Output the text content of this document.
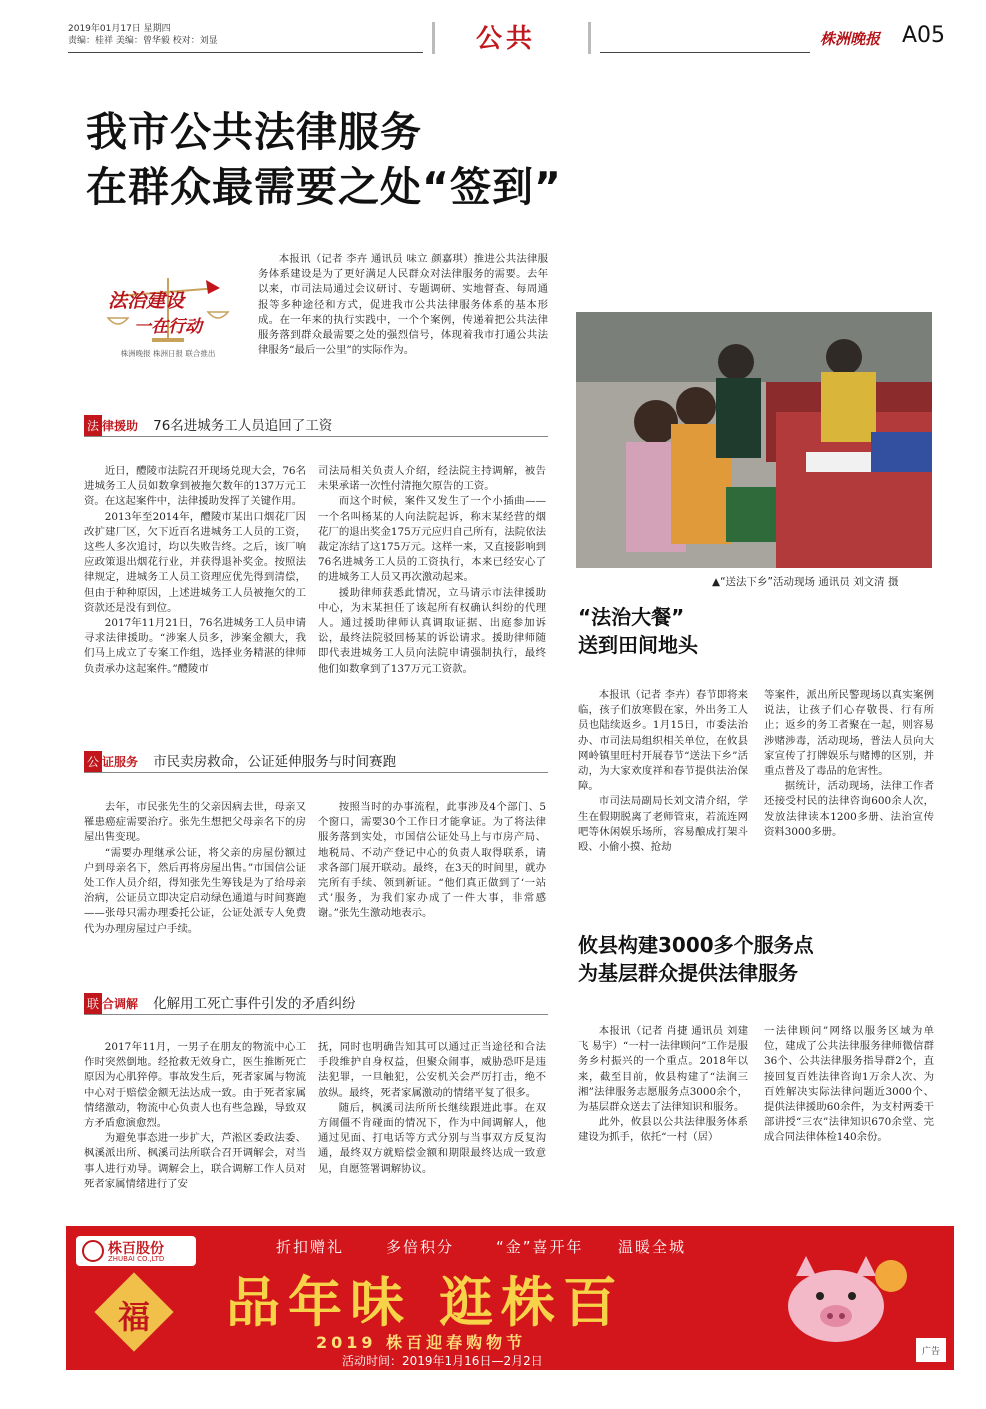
2019年01月17日 星期四
责编：桂祥 美编：曾华毅 校对：刘显	公共	株洲晚报 A05
我市公共法律服务
在群众最需要之处“签到”
法治建设
一在行动
株洲晚报 株洲日报 联合推出
本报讯（记者 李卉 通讯员 味立 颜嘉琪）推进公共法律服务体系建设是为了更好满足人民群众对法律服务的需要。去年以来，市司法局通过会议研讨、专题调研、实地督查、每周通报等多种途径和方式，促进我市公共法律服务体系的基本形成。在一年来的执行实践中，一个个案例，传递着把公共法律服务落到群众最需要之处的强烈信号，体现着我市打通公共法律服务“最后一公里”的实际作为。
法 律援助 76名进城务工人员追回了工资

近日，醴陵市法院召开现场兑现大会，76名进城务工人员如数拿到被拖欠数年的137万元工资。在这起案件中，法律援助发挥了关键作用。

2013年至2014年，醴陵市某出口烟花厂因改扩建厂区，欠下近百名进城务工人员的工资，这些人多次追讨，均以失败告终。之后，该厂响应政策退出烟花行业，并获得退补奖金。按照法律规定，进城务工人员工资理应优先得到清偿，但由于种种原因，上述进城务工人员被拖欠的工资款还是没有到位。

2017年11月21日，76名进城务工人员申请寻求法律援助。“涉案人员多，涉案金额大，我们马上成立了专案工作组，选择业务精湛的律师负责承办这起案件。”醴陵市

司法局相关负责人介绍，经法院主持调解，被告未果承诺一次性付清拖欠原告的工资。

而这个时候，案件又发生了一个小插曲——一个名叫杨某的人向法院起诉，称末某经营的烟花厂的退出奖金175万元应归自己所有，法院依法裁定冻结了这175万元。这样一来，又直接影响到76名进城务工人员的工资执行，本来已经安心了的进城务工人员又再次激动起来。

援助律师获悉此情况，立马请示市法律援助中心，为末某担任了该起所有权确认纠纷的代理人。通过援助律师认真调取证据、出庭参加诉讼，最终法院驳回杨某的诉讼请求。援助律师随即代表进城务工人员向法院申请强制执行，最终他们如数拿到了137万元工资款。

公 证服务 市民卖房救命，公证延伸服务与时间赛跑

去年，市民张先生的父亲因病去世，母亲又罹患癌症需要治疗。张先生想把父母亲名下的房屋出售变现。

“需要办理继承公证，将父亲的房屋份额过户到母亲名下，然后再将房屋出售。”市国信公证处工作人员介绍，得知张先生筹钱是为了给母亲治病，公证员立即决定启动绿色通道与时间赛跑——张母只需办理委托公证，公证处派专人免费代为办理房屋过户手续。

按照当时的办事流程，此事涉及4个部门、5个窗口，需要30个工作日才能拿证。为了将法律服务落到实处，市国信公证处马上与市房产局、地税局、不动产登记中心的负责人取得联系，请求各部门展开联动。最终，在3天的时间里，就办完所有手续、领到新证。“他们真正做到了‘一站式’服务，为我们家办成了一件大事，非常感谢。”张先生激动地表示。

联 合调解 化解用工死亡事件引发的矛盾纠纷

2017年11月，一男子在朋友的物流中心工作时突然倒地。经抢救无效身亡，医生推断死亡原因为心肌猝停。事故发生后，死者家属与物流中心对于赔偿金额无法达成一致。由于死者家属情绪激动，物流中心负责人也有些急躁，导致双方矛盾愈演愈烈。

为避免事态进一步扩大，芦淞区委政法委、枫溪派出所、枫溪司法所联合召开调解会，对当事人进行劝导。调解会上，联合调解工作人员对死者家属情绪进行了安

抚，同时也明确告知其可以通过正当途径和合法手段维护自身权益，但聚众闹事，威胁恐吓是违法犯罪，一旦触犯，公安机关会严厉打击，绝不放纵。最终，死者家属激动的情绪平复了很多。

随后，枫溪司法所所长继续跟进此事。在双方闹僵不肯碰面的情况下，作为中间调解人，他通过见面、打电话等方式分别与当事双方反复沟通，最终双方就赔偿金额和期限最终达成一致意见，自愿签署调解协议。

▲“送法下乡”活动现场 通讯员 刘文清 摄
“法治大餐”
送到田间地头

本报讯（记者 李卉）春节即将来临，孩子们放寒假在家，外出务工人员也陆续返乡。1月15日，市委法治办、市司法局组织相关单位，在攸县网岭镇里旺村开展春节“送法下乡”活动，为大家欢度祥和春节提供法治保障。

市司法局副局长刘文清介绍，学生在假期脱离了老师管束，若流连网吧等休闲娱乐场所，容易酿成打架斗殴、小偷小摸、抢劫

等案件，派出所民警现场以真实案例说法，让孩子们心存敬畏、行有所止；返乡的务工者聚在一起，则容易涉赌涉毒，活动现场，普法人员向大家宣传了打牌娱乐与赌博的区别，并重点普及了毒品的危害性。

据统计，活动现场，法律工作者还接受村民的法律咨询600余人次，发放法律读本1200多册、法治宣传资料3000多册。

攸县构建3000多个服务点
为基层群众提供法律服务

本报讯（记者 肖捷 通讯员 刘建飞 易宇）“一村一法律顾问”工作是服务乡村振兴的一个重点。2018年以来，截至目前，攸县构建了“法润三湘”法律服务志愿服务点3000余个，为基层群众送去了法律知识和服务。

此外，攸县以公共法律服务体系建设为抓手，依托“一村（居）

一法律顾问”网络以服务区域为单位，建成了公共法律服务律师微信群36个、公共法律服务指导群2个，直接回复百姓法律咨询1万余人次、为百姓解决实际法律问题近3000个、提供法律援助60余件，为支村两委干部讲授“三农”法律知识670余堂、完成合同法律体检140余份。

株百股份
ZHUBAI CO.,LTD
福
折扣赠礼	多倍积分	“金”喜开年 温暖全城
品年味 逛株百
2019 株百迎春购物节
活动时间：2019年1月16日—2月2日
广告
